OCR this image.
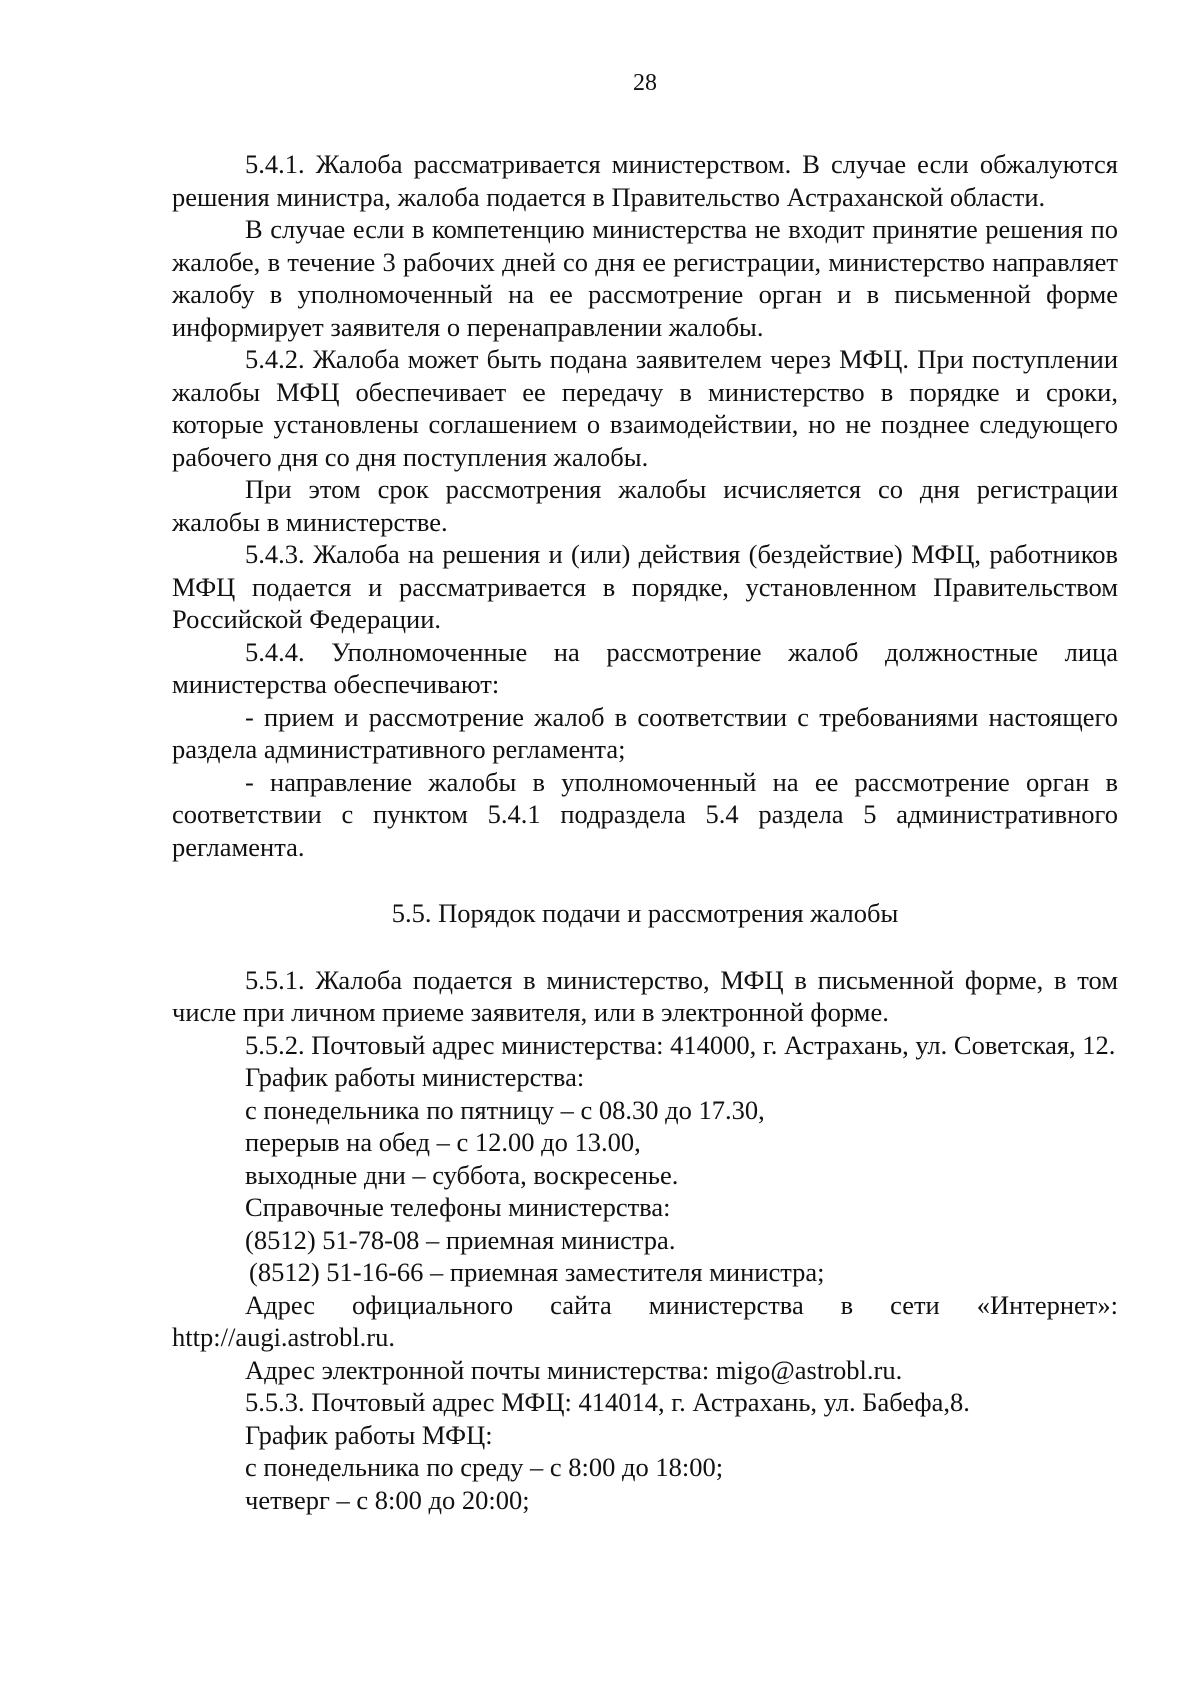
28

5.4.1. Жалоба рассматривается министерством. В случае если обжалуются решения министра, жалоба подается в Правительство Астраханской области.

В случае если в компетенцию министерства не входит принятие решения по жалобе, в течение 3 рабочих дней со дня ее регистрации, министерство направляет жалобу в уполномоченный на ее рассмотрение орган и в письменной форме информирует заявителя о перенаправлении жалобы.

5.4.2. Жалоба может быть подана заявителем через МФЦ. При поступлении жалобы МФЦ обеспечивает ее передачу в министерство в порядке и сроки, которые установлены соглашением о взаимодействии, но не позднее следующего рабочего дня со дня поступления жалобы.

При этом срок рассмотрения жалобы исчисляется со дня регистрации жалобы в министерстве.

5.4.3. Жалоба на решения и (или) действия (бездействие) МФЦ, работников МФЦ подается и рассматривается в порядке, установленном Правительством Российской Федерации.

5.4.4. Уполномоченные на рассмотрение жалоб должностные лица министерства обеспечивают:

- прием и рассмотрение жалоб в соответствии с требованиями настоящего раздела административного регламента;

- направление жалобы в уполномоченный на ее рассмотрение орган в соответствии с пунктом 5.4.1 подраздела 5.4 раздела 5 административного регламента.

5.5. Порядок подачи и рассмотрения жалобы

5.5.1. Жалоба подается в министерство, МФЦ в письменной форме, в том числе при личном приеме заявителя, или в электронной форме.

5.5.2. Почтовый адрес министерства: 414000, г. Астрахань, ул. Советская, 12.

График работы министерства:

с понедельника по пятницу – с 08.30 до 17.30,

перерыв на обед – с 12.00 до 13.00,

выходные дни – суббота, воскресенье.

Справочные телефоны министерства:

(8512) 51-78-08 – приемная министра.

(8512) 51-16-66 – приемная заместителя министра;

Адрес официального сайта министерства в сети «Интернет»: http://augi.astrobl.ru.

Адрес электронной почты министерства: migo@astrobl.ru.

5.5.3. Почтовый адрес МФЦ: 414014, г. Астрахань, ул. Бабефа,8.

График работы МФЦ:

с понедельника по среду – с 8:00 до 18:00;

четверг – с 8:00 до 20:00;
